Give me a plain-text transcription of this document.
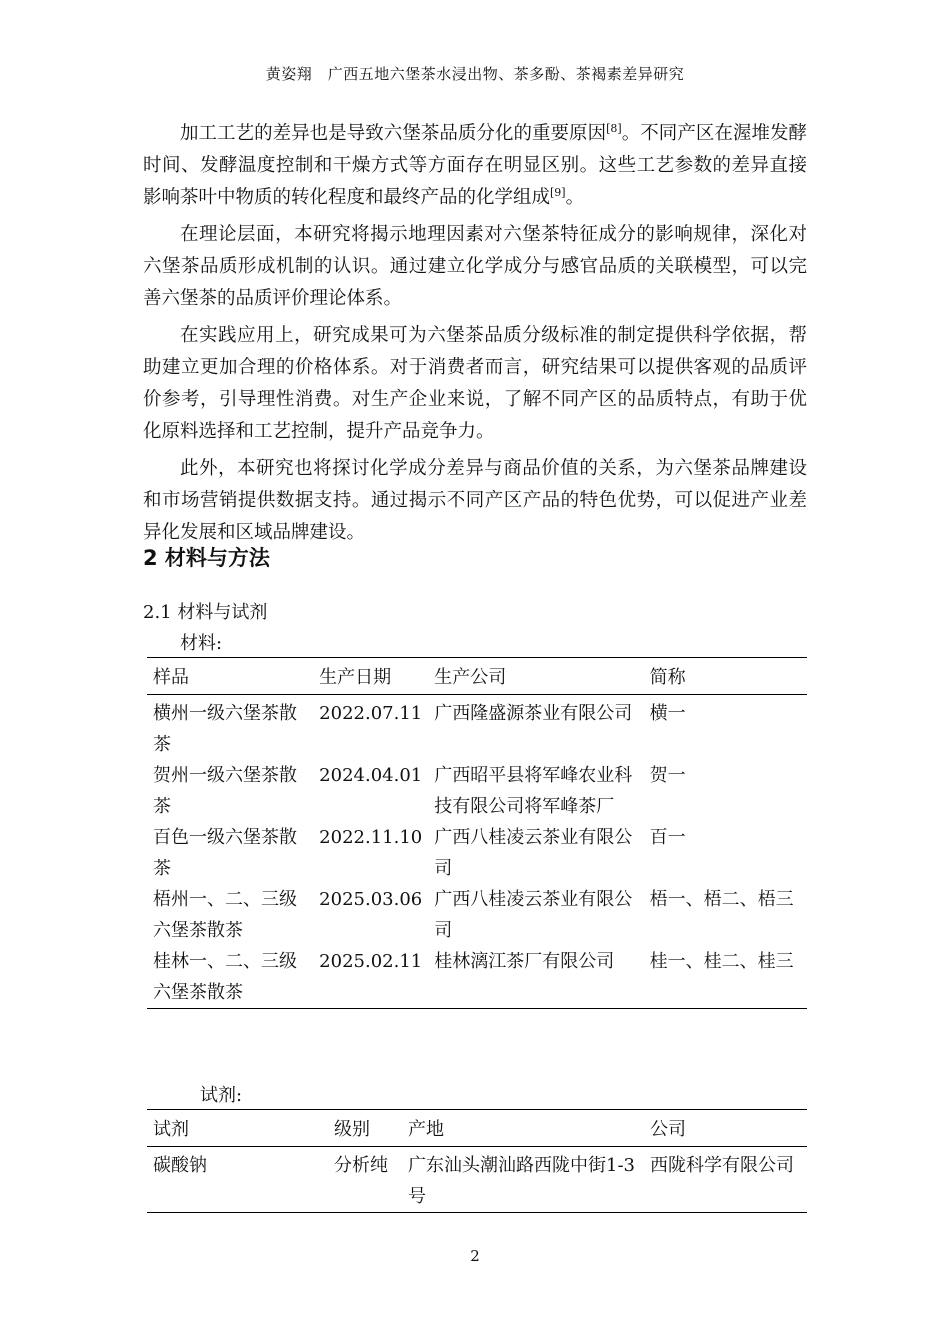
黄姿翔　广西五地六堡茶水浸出物、茶多酚、茶褐素差异研究

加工工艺的差异也是导致六堡茶品质分化的重要原因[8]。不同产区在渥堆发酵时间、发酵温度控制和干燥方式等方面存在明显区别。这些工艺参数的差异直接影响茶叶中物质的转化程度和最终产品的化学组成[9]。

在理论层面，本研究将揭示地理因素对六堡茶特征成分的影响规律，深化对六堡茶品质形成机制的认识。通过建立化学成分与感官品质的关联模型，可以完善六堡茶的品质评价理论体系。

在实践应用上，研究成果可为六堡茶品质分级标准的制定提供科学依据，帮助建立更加合理的价格体系。对于消费者而言，研究结果可以提供客观的品质评价参考，引导理性消费。对生产企业来说，了解不同产区的品质特点，有助于优化原料选择和工艺控制，提升产品竞争力。

此外，本研究也将探讨化学成分差异与商品价值的关系，为六堡茶品牌建设和市场营销提供数据支持。通过揭示不同产区产品的特色优势，可以促进产业差异化发展和区域品牌建设。

2 材料与方法
2.1 材料与试剂
材料:
样品	生产日期	生产公司	简称
横州一级六堡茶散茶	2022.07.11	广西隆盛源茶业有限公司	横一
贺州一级六堡茶散茶	2024.04.01	广西昭平县将军峰农业科技有限公司将军峰茶厂	贺一
百色一级六堡茶散茶	2022.11.10	广西八桂凌云茶业有限公司	百一
梧州一、二、三级六堡茶散茶	2025.03.06	广西八桂凌云茶业有限公司	梧一、梧二、梧三
桂林一、二、三级六堡茶散茶	2025.02.11	桂林漓江茶厂有限公司	桂一、桂二、桂三
试剂:
试剂	级别	产地	公司
碳酸钠	分析纯	广东汕头潮汕路西陇中街1-3号	西陇科学有限公司
2
